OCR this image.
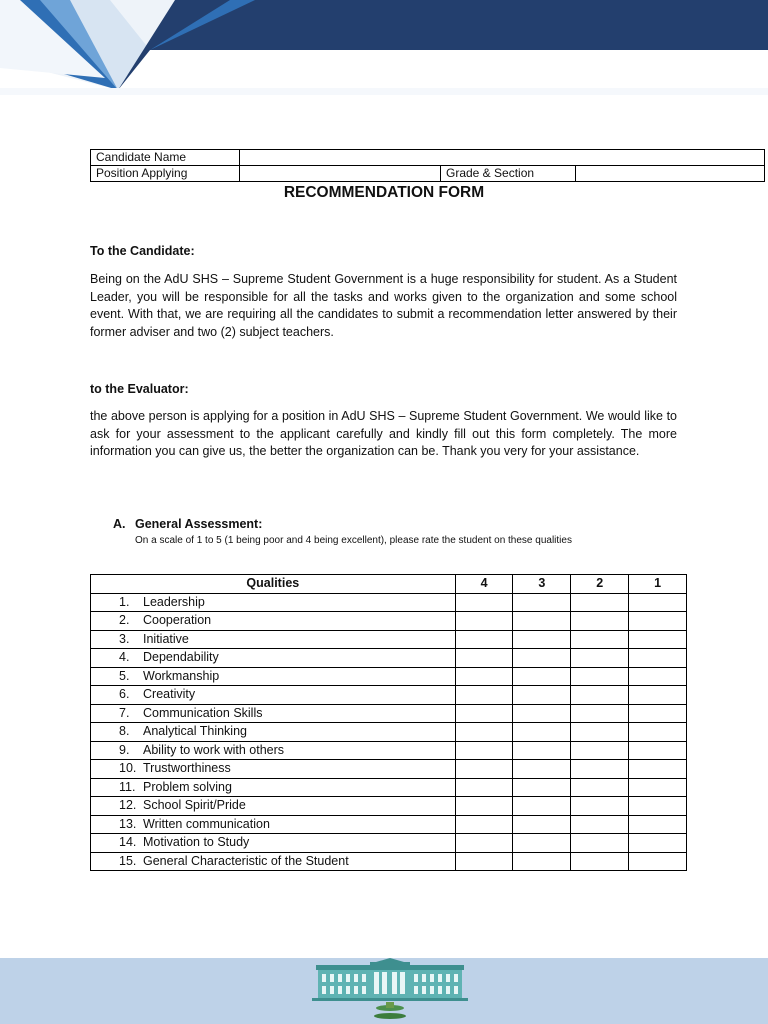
Candidate Name			
Position Applying		Grade & Section	
RECOMMENDATION FORM
To the Candidate:
Being on the AdU SHS – Supreme Student Government is a huge responsibility for student. As a Student Leader, you will be responsible for all the tasks and works given to the organization and some school event. With that, we are requiring all the candidates to submit a recommendation letter answered by their former adviser and two (2) subject teachers.
to the Evaluator:
the above person is applying for a position in AdU SHS – Supreme Student Government. We would like to ask for your assessment to the applicant carefully and kindly fill out this form completely. The more information you can give us, the better the organization can be. Thank you very for your assistance.
A. General Assessment:
On a scale of 1 to 5 (1 being poor and 4 being excellent), please rate the student on these qualities
Qualities	4	3	2	1
1. Leadership				
2. Cooperation				
3. Initiative				
4. Dependability				
5. Workmanship				
6. Creativity				
7. Communication Skills				
8. Analytical Thinking				
9. Ability to work with others				
10. Trustworthiness				
11. Problem solving				
12. School Spirit/Pride				
13. Written communication				
14. Motivation to Study				
15. General Characteristic of the Student				
